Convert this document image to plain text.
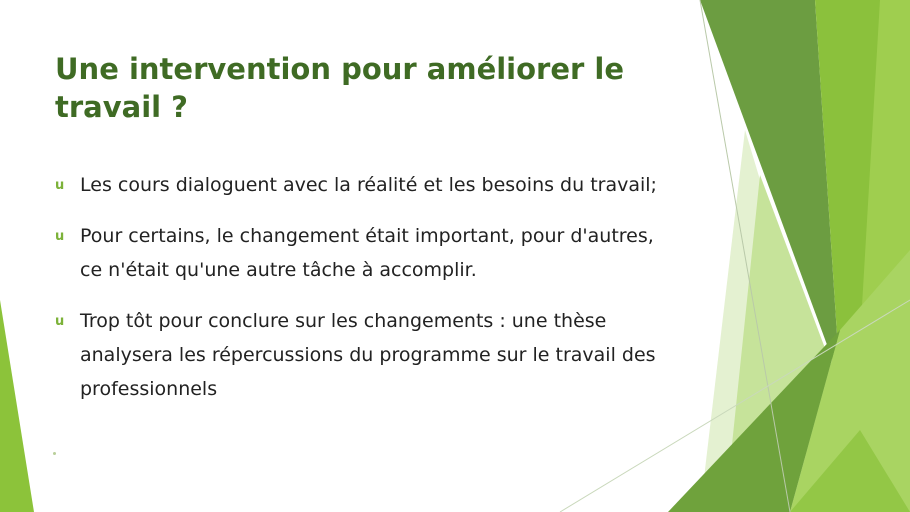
Une intervention pour améliorer le travail ?
u Les cours dialoguent avec la réalité et les besoins du travail;
u Pour certains, le changement était important, pour d'autres, ce n'était qu'une autre tâche à accomplir.
u Trop tôt pour conclure sur les changements : une thèse analysera les répercussions du programme sur le travail des professionnels
